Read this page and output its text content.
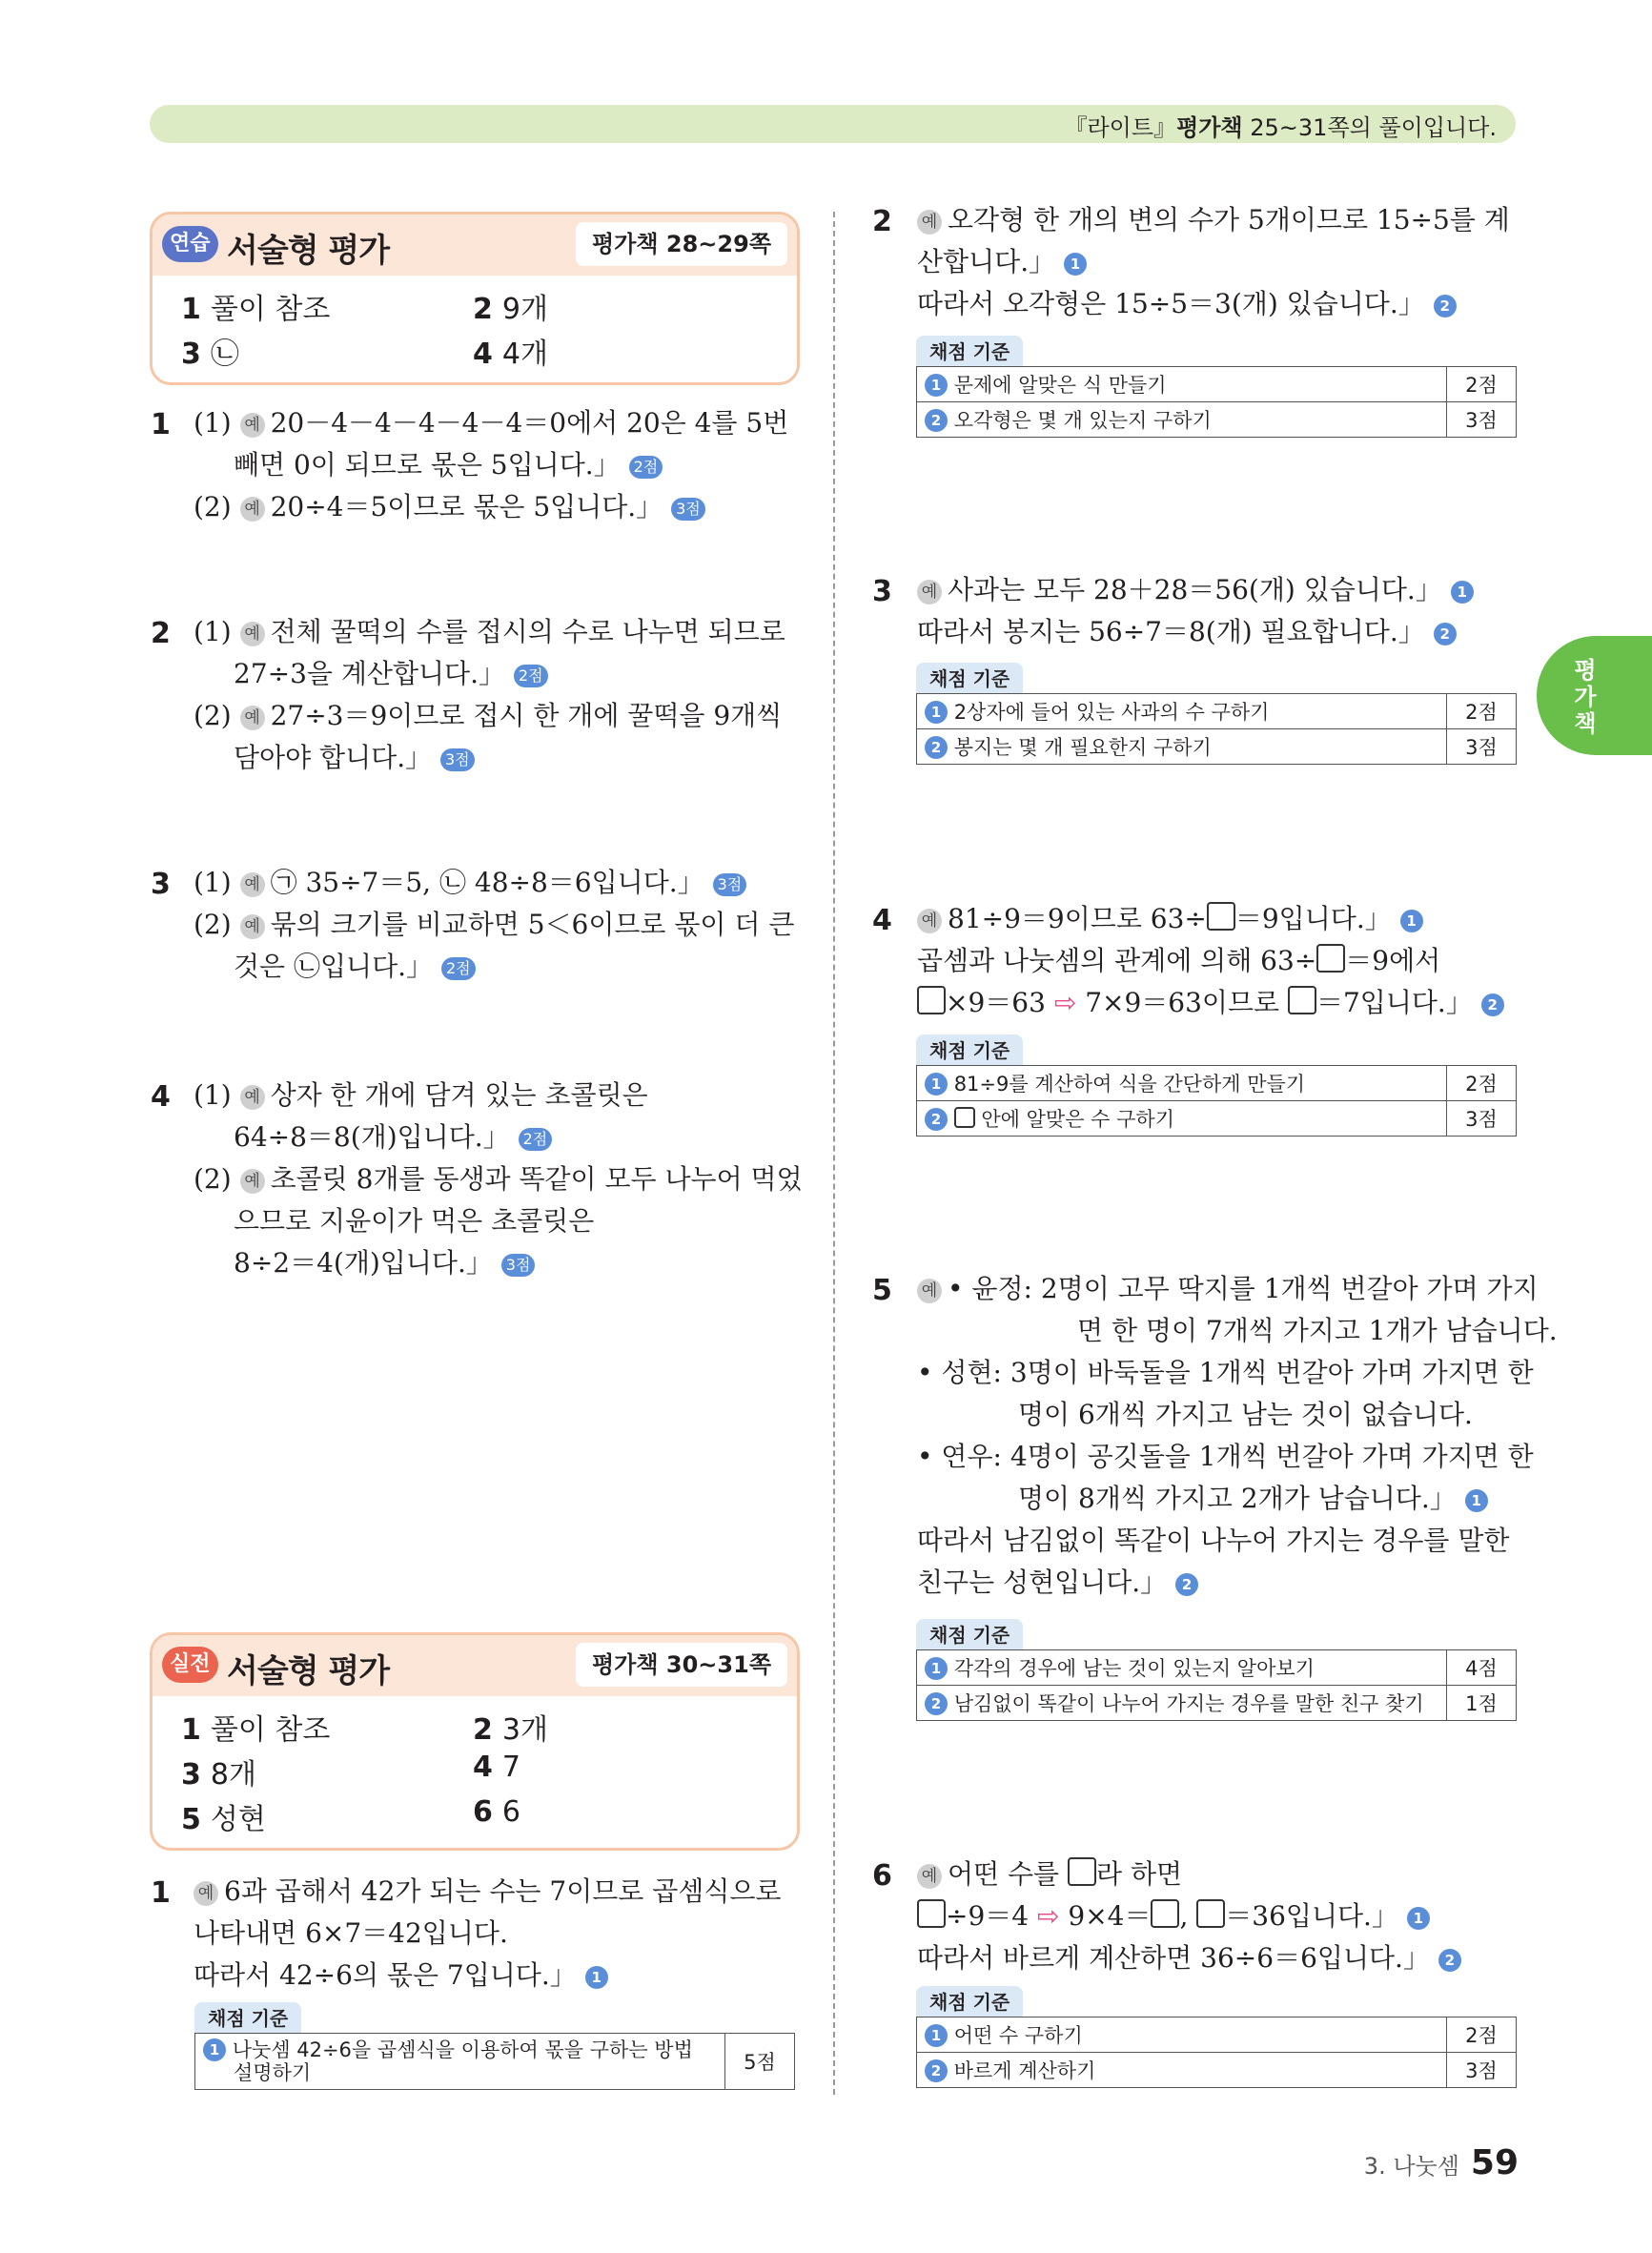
『라이트』평가책 25~31쪽의 풀이입니다.
연습 서술형 평가	평가책 28~29쪽
1 풀이 참조	2 9개
3 ㉡	4 4개
1 (1) 예 20－4－4－4－4－4＝0에서 20은 4를 5번
빼면 0이 되므로 몫은 5입니다.」 2점
(2) 예 20÷4＝5이므로 몫은 5입니다.」 3점
2 (1) 예 전체 꿀떡의 수를 접시의 수로 나누면 되므로
27÷3을 계산합니다.」 2점
(2) 예 27÷3＝9이므로 접시 한 개에 꿀떡을 9개씩
담아야 합니다.」 3점
3 (1) 예 ㉠ 35÷7＝5, ㉡ 48÷8＝6입니다.」 3점
(2) 예 묶의 크기를 비교하면 5＜6이므로 몫이 더 큰
것은 ㉡입니다.」 2점
4 (1) 예 상자 한 개에 담겨 있는 초콜릿은
64÷8＝8(개)입니다.」 2점
(2) 예 초콜릿 8개를 동생과 똑같이 모두 나누어 먹었
으므로 지윤이가 먹은 초콜릿은
8÷2＝4(개)입니다.」 3점
실전 서술형 평가	평가책 30~31쪽
1 풀이 참조	2 3개
3 8개	4 7
5 성현	6 6
1 예 6과 곱해서 42가 되는 수는 7이므로 곱셈식으로
나타내면 6×7＝42입니다.
따라서 42÷6의 몫은 7입니다.」 1
채점 기준
1 나눗셈 42÷6을 곱셈식을 이용하여 몫을 구하는 방법
설명하기	5점
2 예 오각형 한 개의 변의 수가 5개이므로 15÷5를 계
산합니다.」 1
따라서 오각형은 15÷5＝3(개) 있습니다.」 2
채점 기준
1 문제에 알맞은 식 만들기	2점
2 오각형은 몇 개 있는지 구하기	3점
3 예 사과는 모두 28＋28＝56(개) 있습니다.」 1
따라서 봉지는 56÷7＝8(개) 필요합니다.」 2
채점 기준
1 2상자에 들어 있는 사과의 수 구하기	2점
2 봉지는 몇 개 필요한지 구하기	3점
4 예 81÷9＝9이므로 63÷ ＝9입니다.」 1
곱셈과 나눗셈의 관계에 의해 63÷ ＝9에서
×9＝63 ⇨ 7×9＝63이므로 ＝7입니다.」 2
채점 기준
1 81÷9를 계산하여 식을 간단하게 만들기	2점
2 안에 알맞은 수 구하기	3점
5 예 • 윤정: 2명이 고무 딱지를 1개씩 번갈아 가며 가지
면 한 명이 7개씩 가지고 1개가 남습니다.
• 성현: 3명이 바둑돌을 1개씩 번갈아 가며 가지면 한
명이 6개씩 가지고 남는 것이 없습니다.
• 연우: 4명이 공깃돌을 1개씩 번갈아 가며 가지면 한
명이 8개씩 가지고 2개가 남습니다.」 1
따라서 남김없이 똑같이 나누어 가지는 경우를 말한
친구는 성현입니다.」 2
채점 기준
1 각각의 경우에 남는 것이 있는지 알아보기	4점
2 남김없이 똑같이 나누어 가지는 경우를 말한 친구 찾기	1점
6 예 어떤 수를 라 하면
÷9＝4 ⇨ 9×4＝ , ＝36입니다.」 1
따라서 바르게 계산하면 36÷6＝6입니다.」 2
채점 기준
1 어떤 수 구하기	2점
2 바르게 계산하기	3점
평가책
3. 나눗셈 59
